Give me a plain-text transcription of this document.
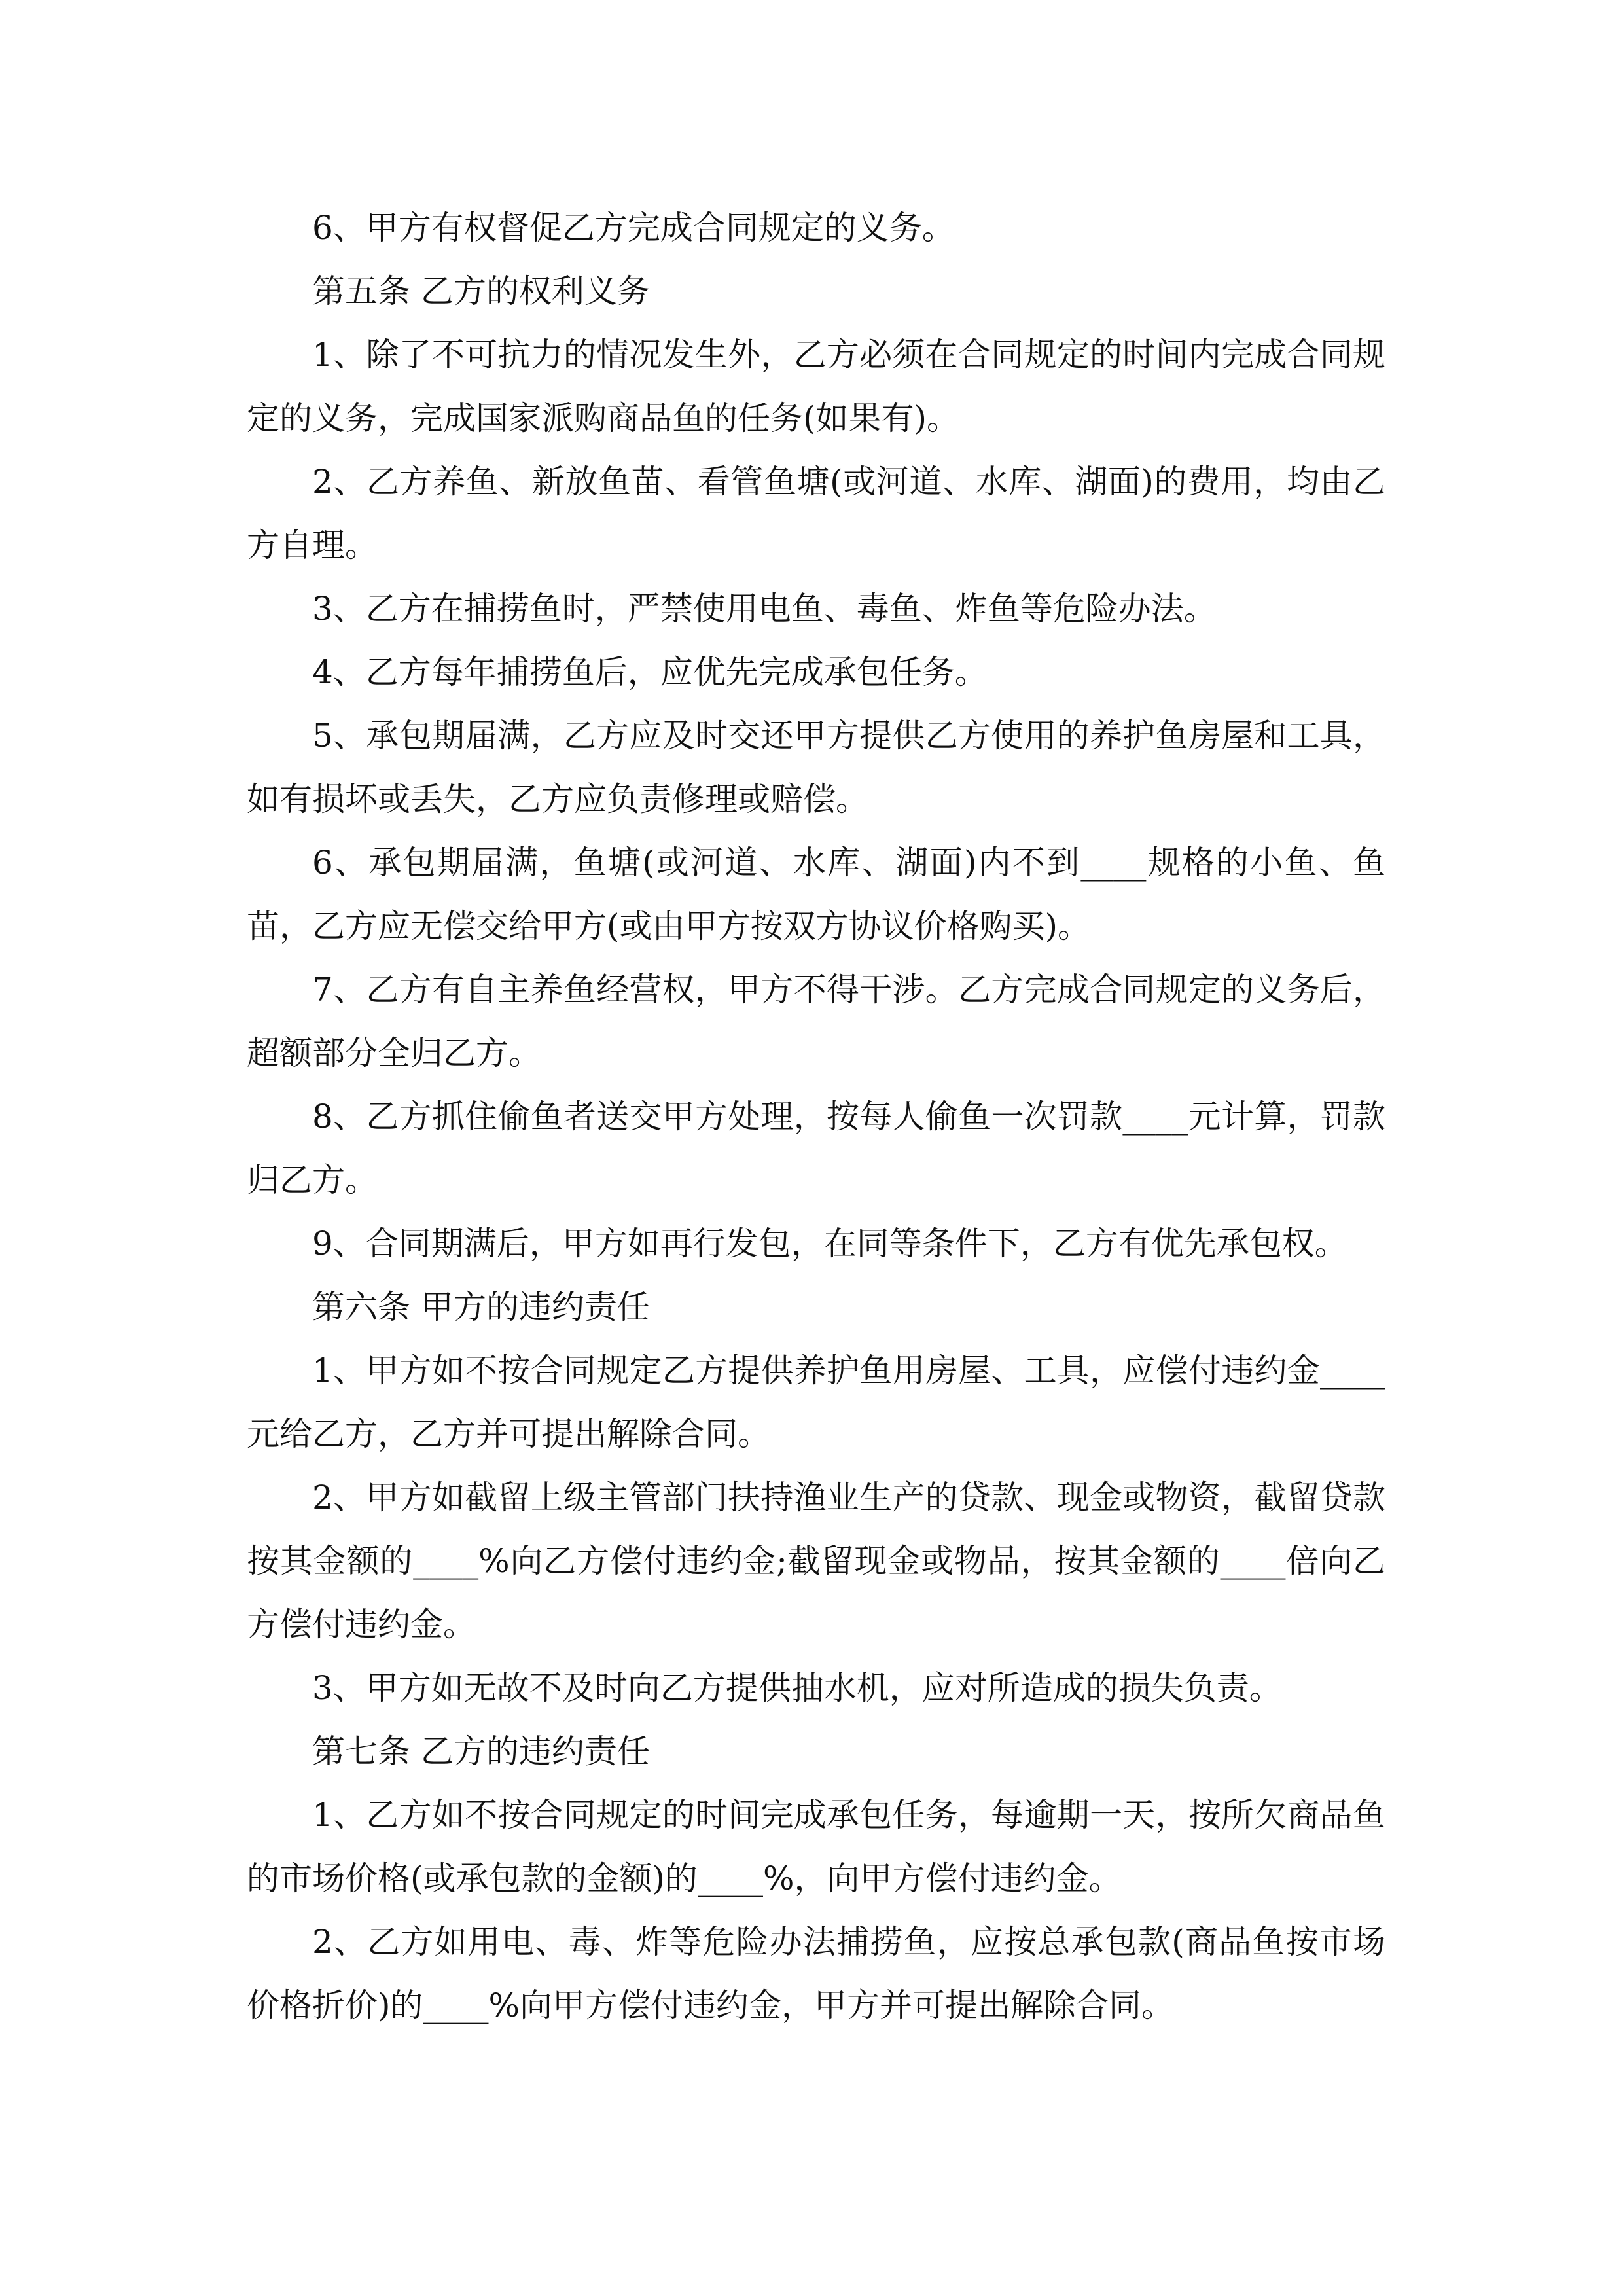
6、甲方有权督促乙方完成合同规定的义务。

第五条 乙方的权利义务

1、除了不可抗力的情况发生外，乙方必须在合同规定的时间内完成合同规定的义务，完成国家派购商品鱼的任务(如果有)。

2、乙方养鱼、新放鱼苗、看管鱼塘(或河道、水库、湖面)的费用，均由乙方自理。

3、乙方在捕捞鱼时，严禁使用电鱼、毒鱼、炸鱼等危险办法。

4、乙方每年捕捞鱼后，应优先完成承包任务。

5、承包期届满，乙方应及时交还甲方提供乙方使用的养护鱼房屋和工具，如有损坏或丢失，乙方应负责修理或赔偿。

6、承包期届满，鱼塘(或河道、水库、湖面)内不到____规格的小鱼、鱼苗，乙方应无偿交给甲方(或由甲方按双方协议价格购买)。

7、乙方有自主养鱼经营权，甲方不得干涉。乙方完成合同规定的义务后，超额部分全归乙方。

8、乙方抓住偷鱼者送交甲方处理，按每人偷鱼一次罚款____元计算，罚款归乙方。

9、合同期满后，甲方如再行发包，在同等条件下，乙方有优先承包权。

第六条 甲方的违约责任

1、甲方如不按合同规定乙方提供养护鱼用房屋、工具，应偿付违约金____元给乙方，乙方并可提出解除合同。

2、甲方如截留上级主管部门扶持渔业生产的贷款、现金或物资，截留贷款按其金额的____%向乙方偿付违约金;截留现金或物品，按其金额的____倍向乙方偿付违约金。

3、甲方如无故不及时向乙方提供抽水机，应对所造成的损失负责。

第七条 乙方的违约责任

1、乙方如不按合同规定的时间完成承包任务，每逾期一天，按所欠商品鱼的市场价格(或承包款的金额)的____%，向甲方偿付违约金。

2、乙方如用电、毒、炸等危险办法捕捞鱼，应按总承包款(商品鱼按市场价格折价)的____%向甲方偿付违约金，甲方并可提出解除合同。
